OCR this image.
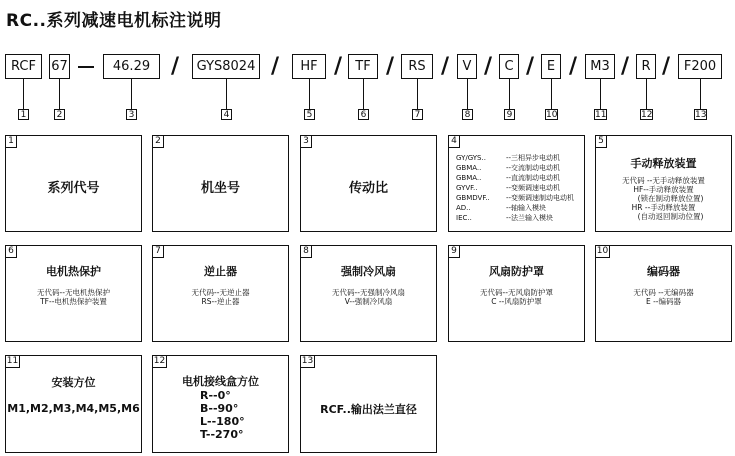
RC..系列减速电机标注说明
RCF	67	46.29 /	GYS8024 /	HF /	TF /	RS /	V / C / E /	M3 / R /	F200
1	2	3	4	5	6	7	8	9	10	11	12	13
1
系列代号
2
机坐号
3
传动比
4
GY/GYS..	--三相异步电动机
GBMA..	--交流制动电动机
GBMA..	--直流制动电动机
GYVF..	--变频调速电动机
GBMDVF.. --变频调速制动电动机
AD..	--轴输入模块
IEC..	--法兰输入模块
5
手动释放装置
无代码 --无手动释放装置
HF--手动释放装置
(锁在制动释放位置)
HR --手动释放装置
(自动返回制动位置)
6
电机热保护
无代码--无电机热保护
TF--电机热保护装置
7
逆止器
无代码--无逆止器
RS--逆止器
8
强制冷风扇
无代码--无强制冷风扇
V--强制冷风扇
9
风扇防护罩
无代码--无风扇防护罩
C --风扇防护罩
10
编码器
无代码 --无编码器
E --编码器
11
安装方位
M1,M2,M3,M4,M5,M6
12
电机接线盒方位
R--0°
B--90°
L--180°
T--270°
13
RCF..输出法兰直径
